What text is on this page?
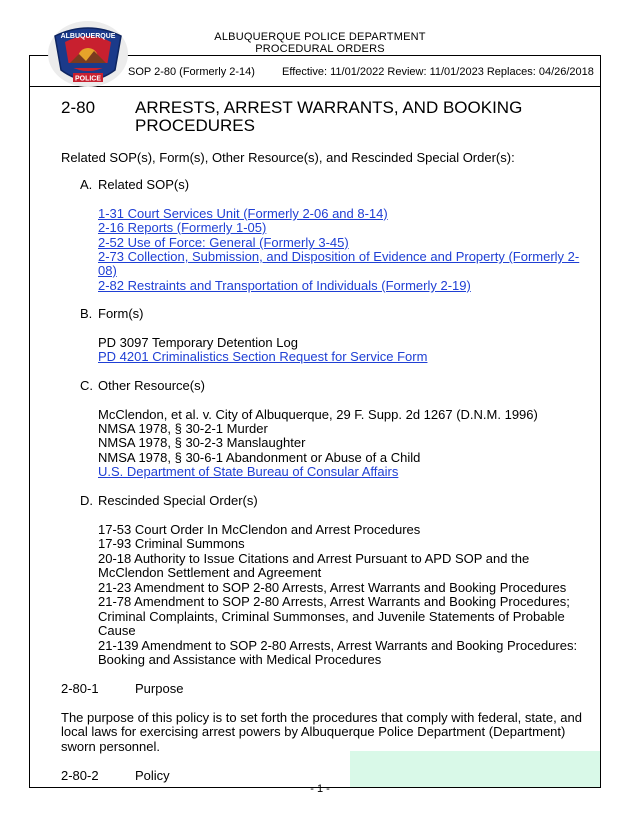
ALBUQUERQUE POLICE DEPARTMENT
PROCEDURAL ORDERS
POLICE
ALBUQUERQUE
SOP 2-80 (Formerly 2-14) Effective: 11/01/2022 Review: 11/01/2023 Replaces: 04/26/2018
2-80 ARRESTS, ARREST WARRANTS, AND BOOKING
PROCEDURES
Related SOP(s), Form(s), Other Resource(s), and Rescinded Special Order(s):
A. Related SOP(s)
1-31 Court Services Unit (Formerly 2-06 and 8-14)
2-16 Reports (Formerly 1-05)
2-52 Use of Force: General (Formerly 3-45)
2-73 Collection, Submission, and Disposition of Evidence and Property (Formerly 2-
08)
2-82 Restraints and Transportation of Individuals (Formerly 2-19)
B. Form(s)
PD 3097 Temporary Detention Log
PD 4201 Criminalistics Section Request for Service Form
C. Other Resource(s)
McClendon, et al. v. City of Albuquerque, 29 F. Supp. 2d 1267 (D.N.M. 1996)
NMSA 1978, § 30-2-1 Murder
NMSA 1978, § 30-2-3 Manslaughter
NMSA 1978, § 30-6-1 Abandonment or Abuse of a Child
U.S. Department of State Bureau of Consular Affairs
D. Rescinded Special Order(s)
17-53 Court Order In McClendon and Arrest Procedures
17-93 Criminal Summons
20-18 Authority to Issue Citations and Arrest Pursuant to APD SOP and the
McClendon Settlement and Agreement
21-23 Amendment to SOP 2-80 Arrests, Arrest Warrants and Booking Procedures
21-78 Amendment to SOP 2-80 Arrests, Arrest Warrants and Booking Procedures;
Criminal Complaints, Criminal Summonses, and Juvenile Statements of Probable
Cause
21-139 Amendment to SOP 2-80 Arrests, Arrest Warrants and Booking Procedures:
Booking and Assistance with Medical Procedures
2-80-1	Purpose
The purpose of this policy is to set forth the procedures that comply with federal, state, and
local laws for exercising arrest powers by Albuquerque Police Department (Department)
sworn personnel.
2-80-2	Policy
- 1 -
